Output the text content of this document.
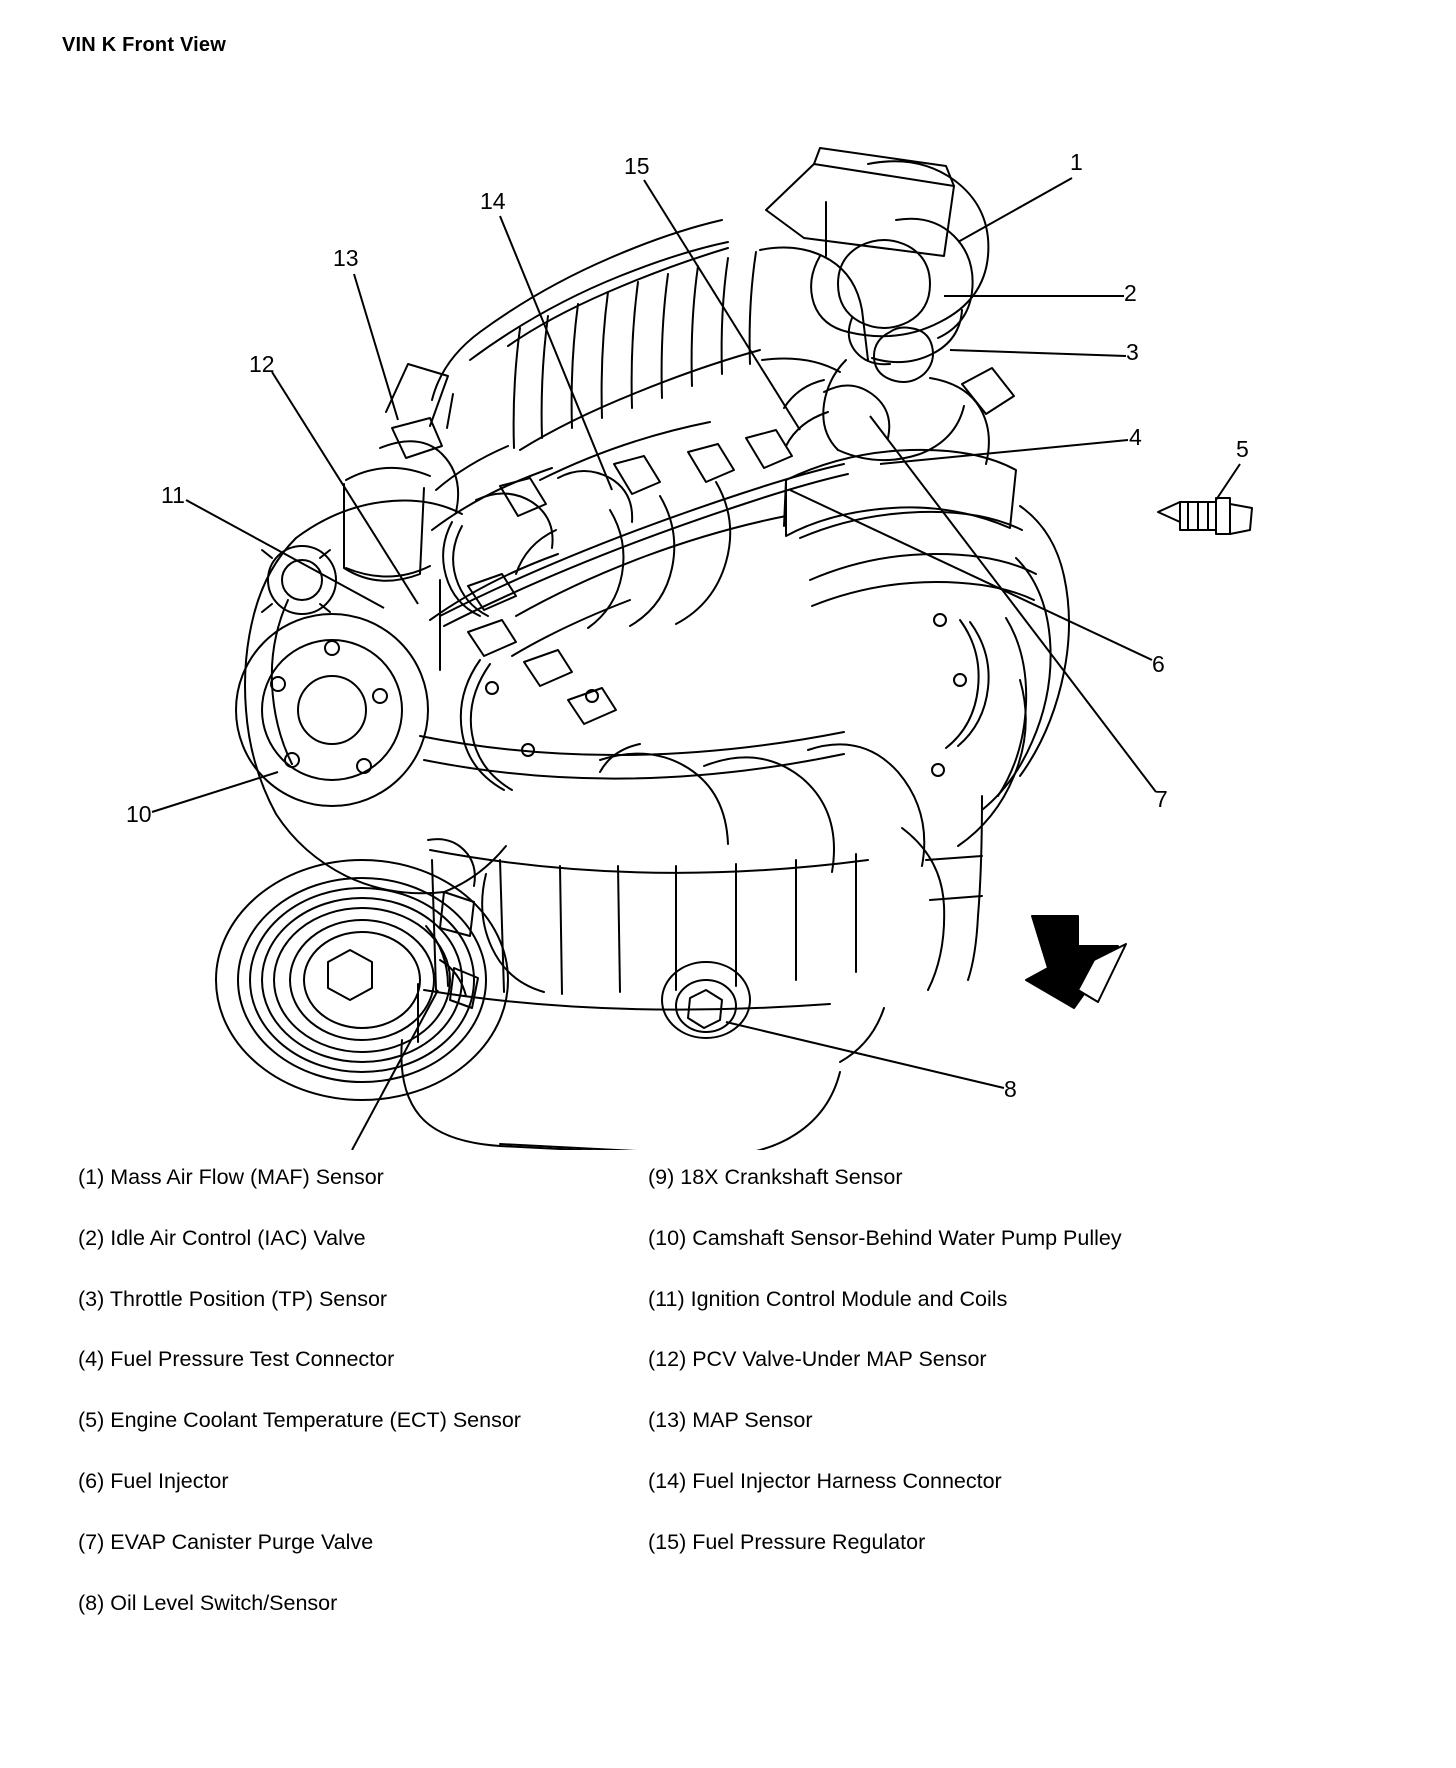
VIN K Front View
1
2
3
4	5
6
7
8
10
11
12
13
14
15
(1) Mass Air Flow (MAF) Sensor
(2) Idle Air Control (IAC) Valve
(3) Throttle Position (TP) Sensor
(4) Fuel Pressure Test Connector
(5) Engine Coolant Temperature (ECT) Sensor
(6) Fuel Injector
(7) EVAP Canister Purge Valve
(8) Oil Level Switch/Sensor
(9) 18X Crankshaft Sensor
(10) Camshaft Sensor-Behind Water Pump Pulley
(11) Ignition Control Module and Coils
(12) PCV Valve-Under MAP Sensor
(13) MAP Sensor
(14) Fuel Injector Harness Connector
(15) Fuel Pressure Regulator
